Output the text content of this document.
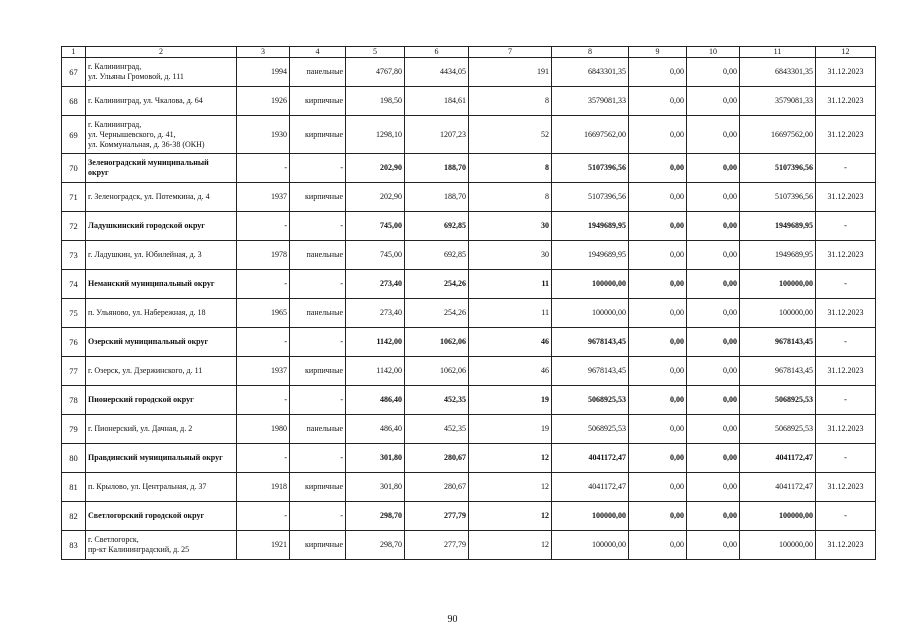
1	2	3	4	5	6	7	8	9	10	11	12
67	г. Калининград,
ул. Ульяны Громовой, д. 111	1994	панельные	4767,80	4434,05	191	6843301,35	0,00	0,00	6843301,35	31.12.2023
68	г. Калининград, ул. Чкалова, д. 64	1926	кирпичные	198,50	184,61	8	3579081,33	0,00	0,00	3579081,33	31.12.2023
69	г. Калининград,
ул. Чернышевского, д. 41,
ул. Коммунальная, д. 36-38 (ОКН)	1930	кирпичные	1298,10	1207,23	52	16697562,00	0,00	0,00	16697562,00	31.12.2023
70	Зеленоградский муниципальный
округ	-	-	202,90	188,70	8	5107396,56	0,00	0,00	5107396,56	-
71	г. Зеленоградск, ул. Потемкина, д. 4	1937	кирпичные	202,90	188,70	8	5107396,56	0,00	0,00	5107396,56	31.12.2023
72	Ладушкинский городской округ	-	-	745,00	692,85	30	1949689,95	0,00	0,00	1949689,95	-
73	г. Ладушкин, ул. Юбилейная, д. 3	1978	панельные	745,00	692,85	30	1949689,95	0,00	0,00	1949689,95	31.12.2023
74	Неманский муниципальный округ	-	-	273,40	254,26	11	100000,00	0,00	0,00	100000,00	-
75	п. Ульяново, ул. Набережная, д. 18	1965	панельные	273,40	254,26	11	100000,00	0,00	0,00	100000,00	31.12.2023
76	Озерский муниципальный округ	-	-	1142,00	1062,06	46	9678143,45	0,00	0,00	9678143,45	-
77	г. Озерск, ул. Дзержинского, д. 11	1937	кирпичные	1142,00	1062,06	46	9678143,45	0,00	0,00	9678143,45	31.12.2023
78	Пионерский городской округ	-	-	486,40	452,35	19	5068925,53	0,00	0,00	5068925,53	-
79	г. Пионерский, ул. Дачная, д. 2	1980	панельные	486,40	452,35	19	5068925,53	0,00	0,00	5068925,53	31.12.2023
80	Правдинский муниципальный округ	-	-	301,80	280,67	12	4041172,47	0,00	0,00	4041172,47	-
81	п. Крылово, ул. Центральная, д. 37	1918	кирпичные	301,80	280,67	12	4041172,47	0,00	0,00	4041172,47	31.12.2023
82	Светлогорский городской округ	-	-	298,70	277,79	12	100000,00	0,00	0,00	100000,00	-
83	г. Светлогорск,
пр-кт Калининградский, д. 25	1921	кирпичные	298,70	277,79	12	100000,00	0,00	0,00	100000,00	31.12.2023
90
